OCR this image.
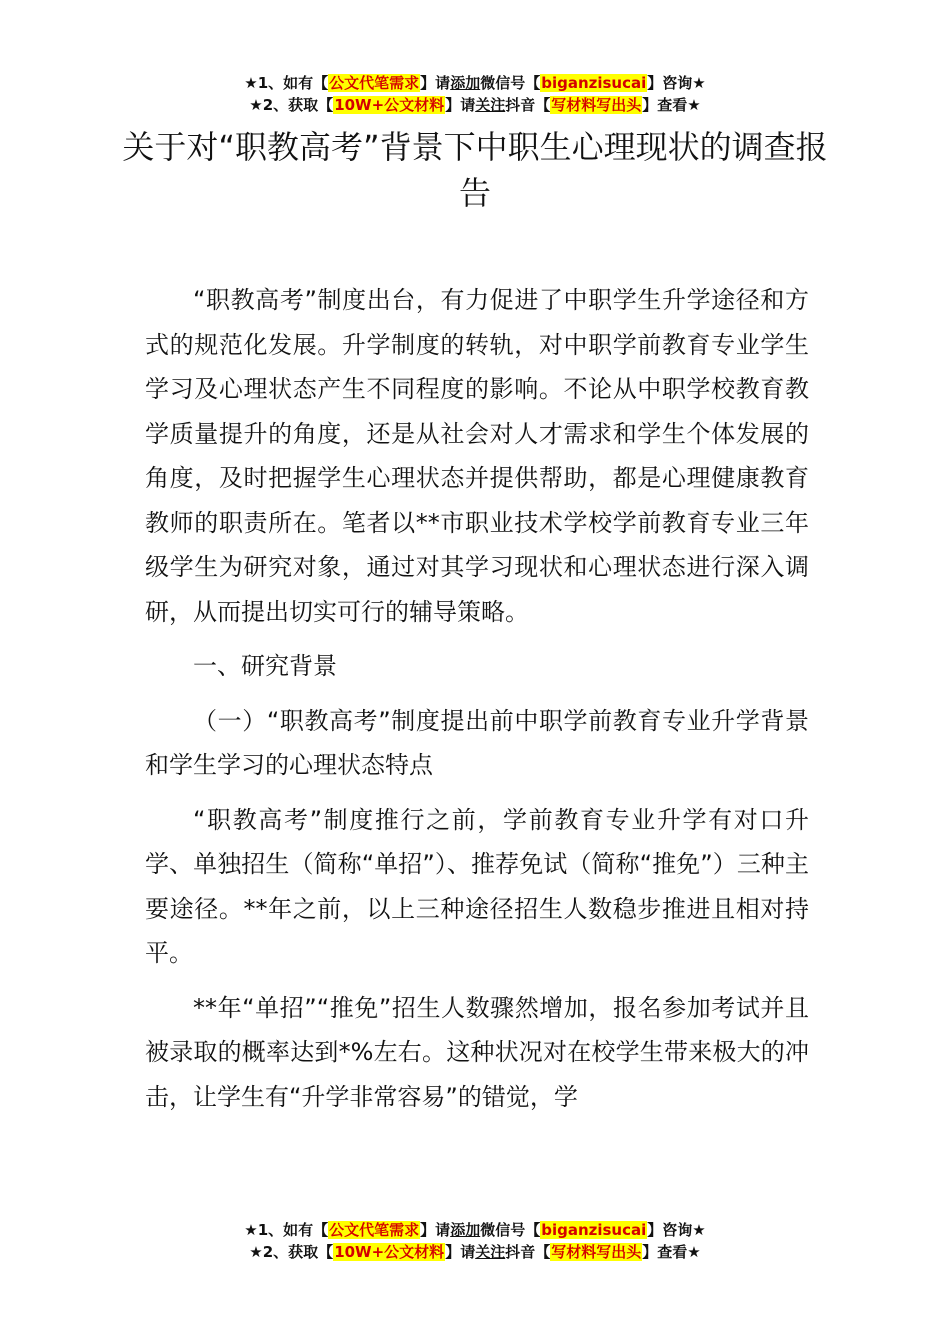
★1、如有【公文代笔需求】请添加微信号【biganzisucai】咨询★
★2、获取【10W+公文材料】请关注抖音【写材料写出头】查看★
关于对“职教高考”背景下中职生心理现状的调查报告

“职教高考”制度出台，有力促进了中职学生升学途径和方式的规范化发展。升学制度的转轨，对中职学前教育专业学生学习及心理状态产生不同程度的影响。不论从中职学校教育教学质量提升的角度，还是从社会对人才需求和学生个体发展的角度，及时把握学生心理状态并提供帮助，都是心理健康教育教师的职责所在。笔者以**市职业技术学校学前教育专业三年级学生为研究对象，通过对其学习现状和心理状态进行深入调研，从而提出切实可行的辅导策略。

一、研究背景

（一）“职教高考”制度提出前中职学前教育专业升学背景和学生学习的心理状态特点

“职教高考”制度推行之前，学前教育专业升学有对口升学、单独招生（简称“单招”）、推荐免试（简称“推免”）三种主要途径。**年之前，以上三种途径招生人数稳步推进且相对持平。

**年“单招”“推免”招生人数骤然增加，报名参加考试并且被录取的概率达到*%左右。这种状况对在校学生带来极大的冲击，让学生有“升学非常容易”的错觉，学

★1、如有【公文代笔需求】请添加微信号【biganzisucai】咨询★
★2、获取【10W+公文材料】请关注抖音【写材料写出头】查看★
